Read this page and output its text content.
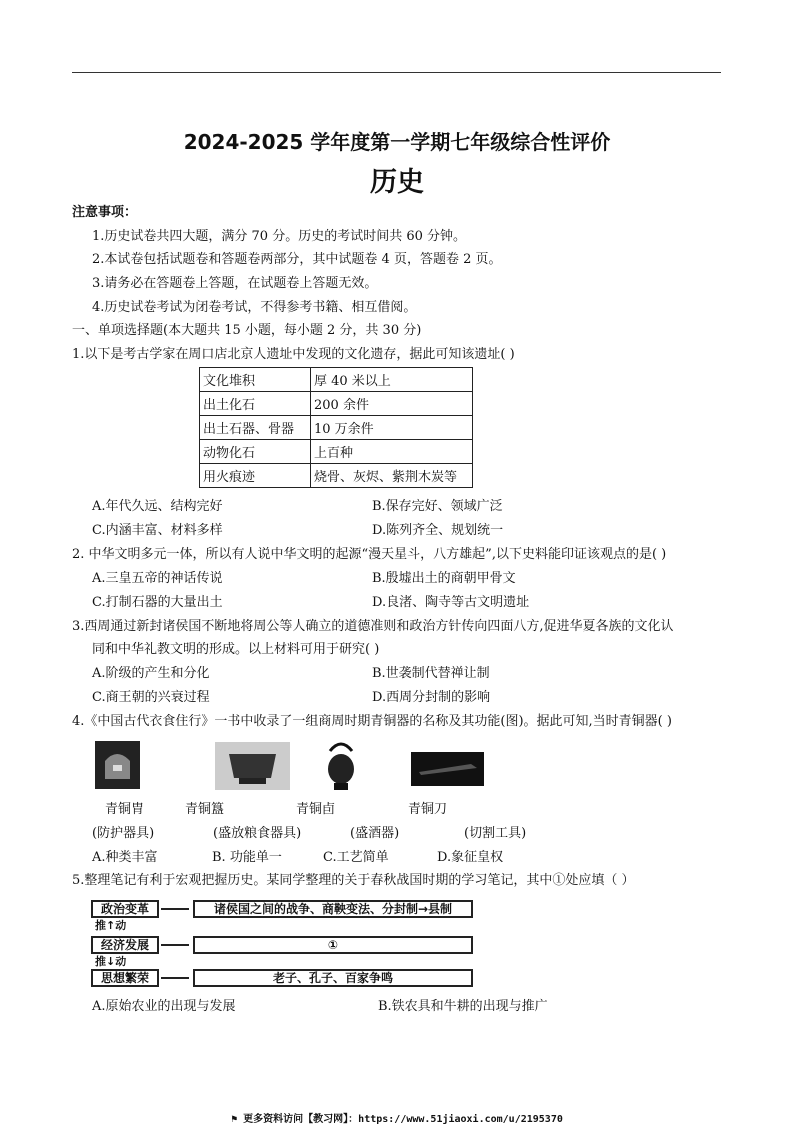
2024-2025 学年度第一学期七年级综合性评价
历史
注意事项：
1.历史试卷共四大题，满分 70 分。历史的考试时间共 60 分钟。
2.本试卷包括试题卷和答题卷两部分，其中试题卷 4 页，答题卷 2 页。
3.请务必在答题卷上答题，在试题卷上答题无效。
4.历史试卷考试为闭卷考试，不得参考书籍、相互借阅。
一、单项选择题(本大题共 15 小题，每小题 2 分，共 30 分)
1.以下是考古学家在周口店北京人遗址中发现的文化遗存，据此可知该遗址( )
文化堆积	厚 40 米以上
出土化石	200 余件
出土石器、骨器	10 万余件
动物化石	上百种
用火痕迹	烧骨、灰烬、紫荆木炭等
A.年代久远、结构完好	B.保存完好、领域广泛
C.内涵丰富、材料多样	D.陈列齐全、规划统一
2. 中华文明多元一体，所以有人说中华文明的起源“漫天星斗，八方雄起”,以下史料能印证该观点的是( )
A.三皇五帝的神话传说	B.殷墟出土的商朝甲骨文
C.打制石器的大量出土	D.良渚、陶寺等古文明遗址
3.西周通过新封诸侯国不断地将周公等人确立的道德准则和政治方针传向四面八方,促进华夏各族的文化认
同和中华礼教文明的形成。以上材料可用于研究( )
A.阶级的产生和分化	B.世袭制代替禅让制
C.商王朝的兴衰过程	D.西周分封制的影响
4.《中国古代衣食住行》一书中收录了一组商周时期青铜器的名称及其功能(图)。据此可知,当时青铜器( )
青铜胄	青铜簋	青铜卣	青铜刀
(防护器具)	(盛放粮食器具)	(盛酒器)	(切割工具)
A.种类丰富	B. 功能单一	C.工艺简单	D.象征皇权
5.整理笔记有利于宏观把握历史。某同学整理的关于春秋战国时期的学习笔记，其中①处应填（ ）
政治变革
推↑动
经济发展
推↓动
思想繁荣
诸侯国之间的战争、商鞅变法、分封制→县制
①
老子、孔子、百家争鸣
A.原始农业的出现与发展	B.铁农具和牛耕的出现与推广
⚑ 更多资料访问【教习网】：https://www.51jiaoxi.com/u/2195370
